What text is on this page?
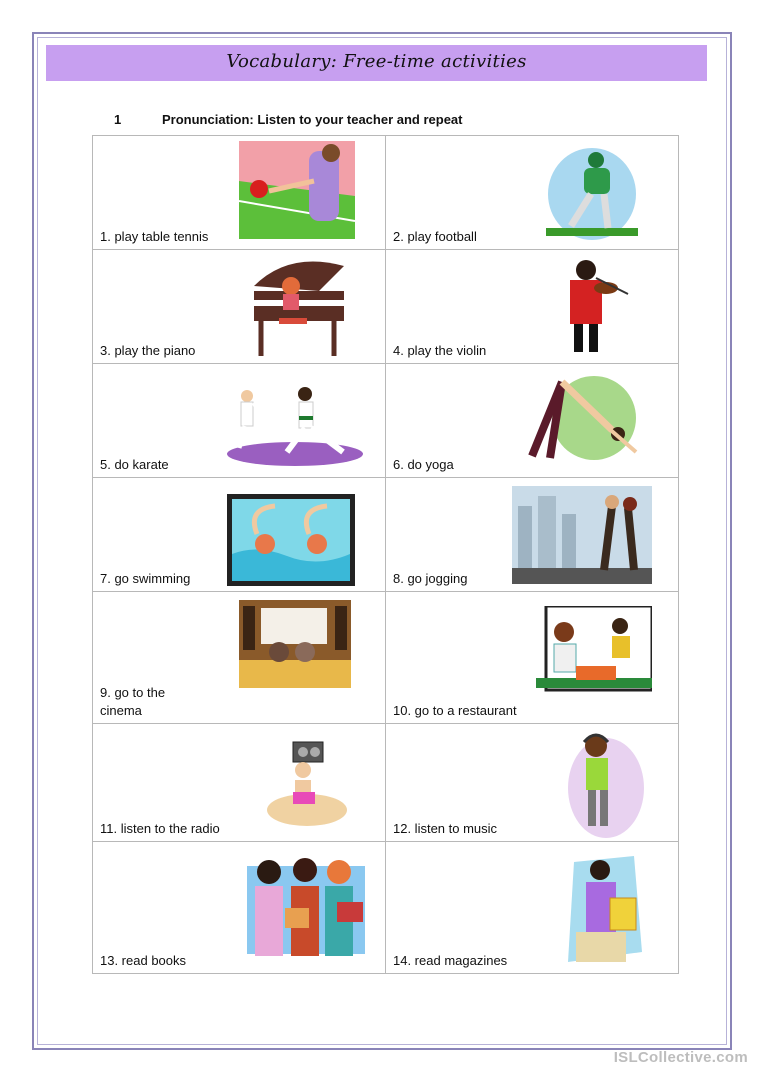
Vocabulary: Free-time activities
1	Pronunciation: Listen to your teacher and repeat
1. play table tennis	2. play football

3. play the piano	4. play the violin

5. do karate	6. do yoga

7. go swimming	8. go jogging

9. go to the
cinema	10. go to a restaurant

11. listen to the radio	12. listen to music

13. read books	14. read magazines
ISLCollective.com
